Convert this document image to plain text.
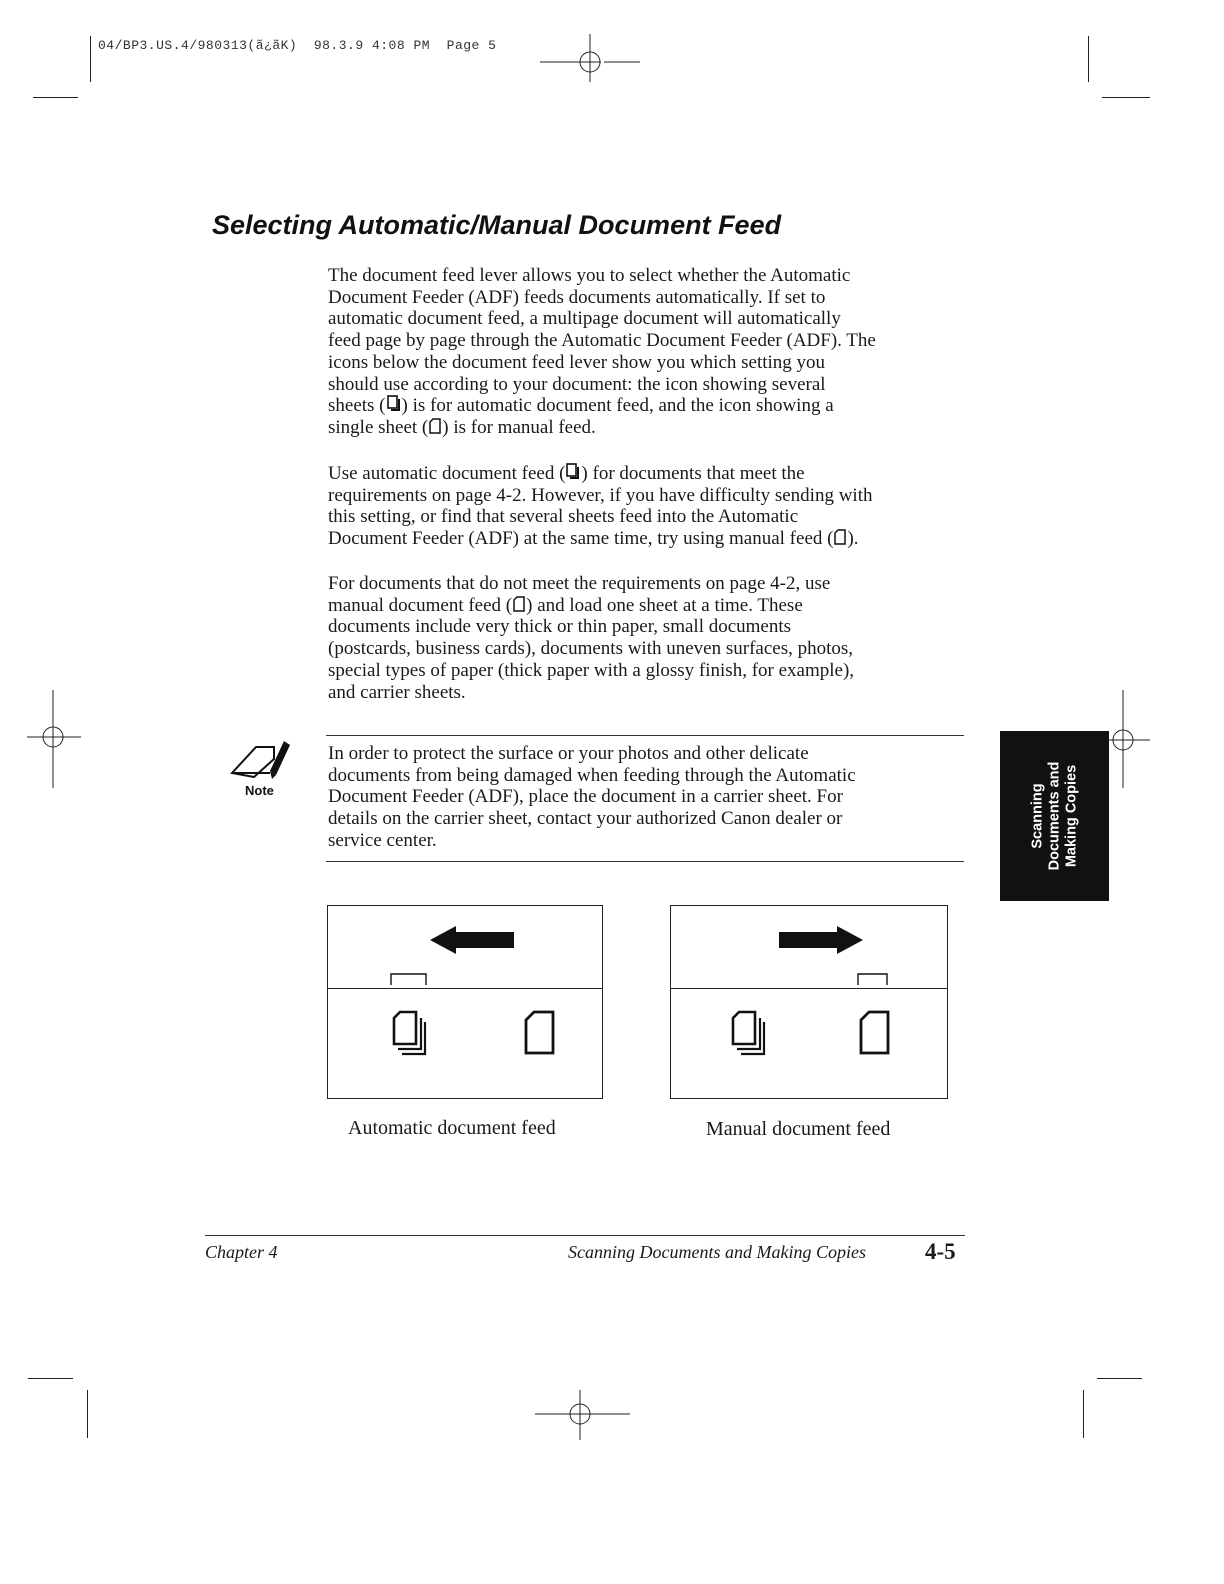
04/BP3.US.4/980313(ã¿ãK)  98.3.9 4:08 PM  Page 5
Selecting Automatic/Manual Document Feed
The document feed lever allows you to select whether the Automatic
Document Feeder (ADF) feeds documents automatically. If set to
automatic document feed, a multipage document will automatically
feed page by page through the Automatic Document Feeder (ADF). The
icons below the document feed lever show you which setting you
should use according to your document: the icon showing several
sheets ( ) is for automatic document feed, and the icon showing a
single sheet ( ) is for manual feed.
Use automatic document feed ( ) for documents that meet the
requirements on page 4-2. However, if you have difficulty sending with
this setting, or find that several sheets feed into the Automatic
Document Feeder (ADF) at the same time, try using manual feed ( ).
For documents that do not meet the requirements on page 4-2, use
manual document feed ( ) and load one sheet at a time. These
documents include very thick or thin paper, small documents
(postcards, business cards), documents with uneven surfaces, photos,
special types of paper (thick paper with a glossy finish, for example),
and carrier sheets.
Note
In order to protect the surface or your photos and other delicate
documents from being damaged when feeding through the Automatic
Document Feeder (ADF), place the document in a carrier sheet. For
details on the carrier sheet, contact your authorized Canon dealer or
service center.	Scanning Documents and Making Copies
Automatic document feed	Manual document feed
Chapter 4	Scanning Documents and Making Copies	4-5
